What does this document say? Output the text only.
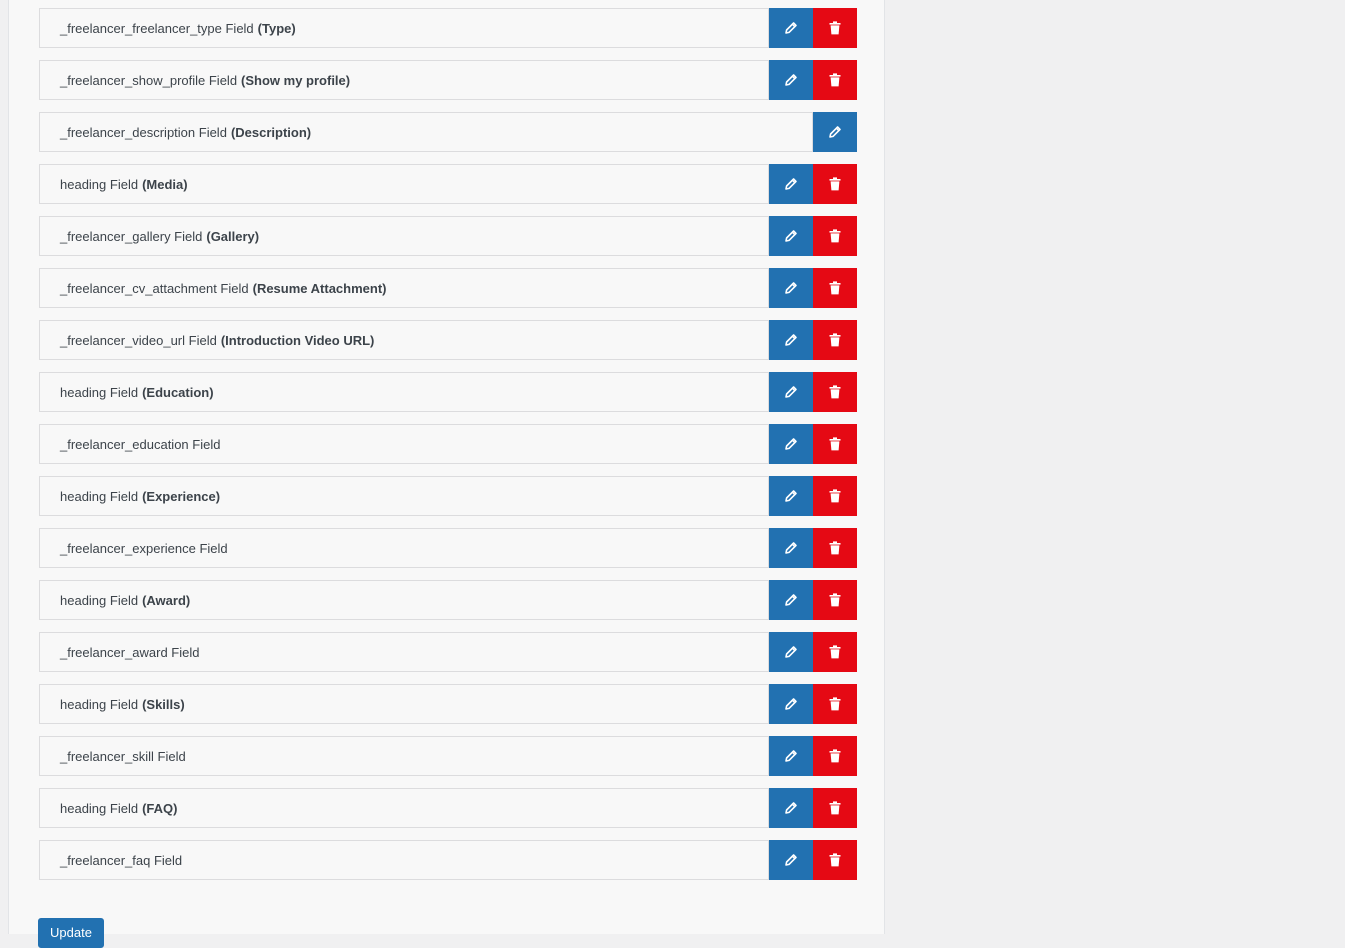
_freelancer_freelancer_type Field (Type)
_freelancer_show_profile Field (Show my profile)
_freelancer_description Field (Description)
heading Field (Media)
_freelancer_gallery Field (Gallery)
_freelancer_cv_attachment Field (Resume Attachment)
_freelancer_video_url Field (Introduction Video URL)
heading Field (Education)
_freelancer_education Field
heading Field (Experience)
_freelancer_experience Field
heading Field (Award)
_freelancer_award Field
heading Field (Skills)
_freelancer_skill Field
heading Field (FAQ)
_freelancer_faq Field
Update
